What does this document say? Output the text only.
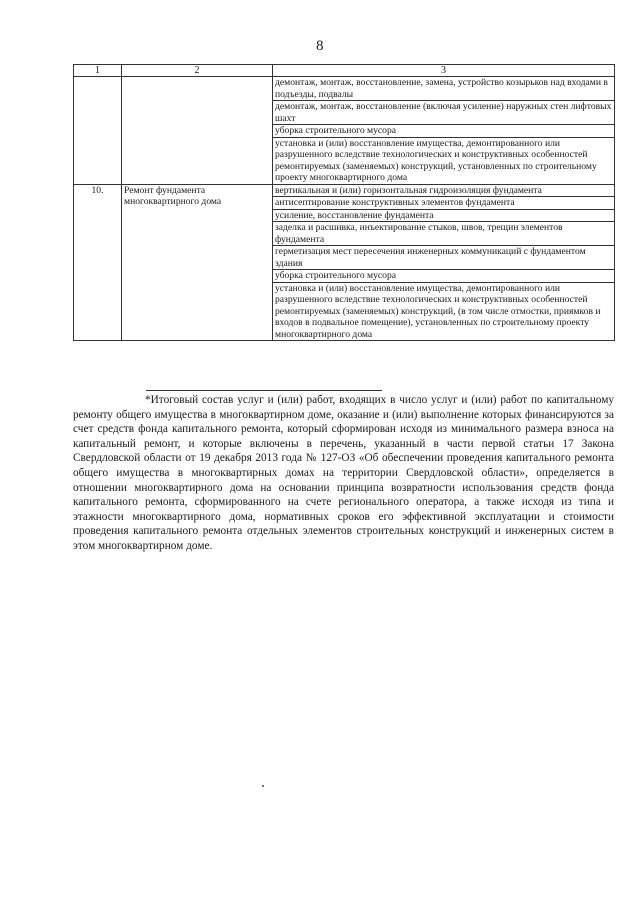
8
1	2	3
		демонтаж, монтаж, восстановление, замена, устройство козырьков над входами в подъезды, подвалы
		демонтаж, монтаж, восстановление (включая усиление) наружных стен лифтовых шахт
		уборка строительного мусора
		установка и (или) восстановление имущества, демонтированного или разрушенного вследствие технологических и конструктивных особенностей ремонтируемых (заменяемых) конструкций, установленных по строительному проекту многоквартирного дома
10.	Ремонт фундамента многоквартирного дома	вертикальная и (или) горизонтальная гидроизоляция фундамента
		антисептирование конструктивных элементов фундамента
		усиление, восстановление фундамента
		заделка и расшивка, инъектирование стыков, швов, трещин элементов фундамента
		герметизация мест пересечения инженерных коммуникаций с фундаментом здания
		уборка строительного мусора
		установка и (или) восстановление имущества, демонтированного или разрушенного вследствие технологических и конструктивных особенностей ремонтируемых (заменяемых) конструкций, (в том числе отмостки, приямков и входов в подвальное помещение), установленных по строительному проекту многоквартирного дома

*Итоговый состав услуг и (или) работ, входящих в число услуг и (или) работ по капитальному ремонту общего имущества в многоквартирном доме, оказание и (или) выполнение которых финансируются за счет средств фонда капитального ремонта, который сформирован исходя из минимального размера взноса на капитальный ремонт, и которые включены в перечень, указанный в части первой статьи 17 Закона Свердловской области от 19 декабря 2013 года № 127-ОЗ «Об обеспечении проведения капитального ремонта общего имущества в многоквартирных домах на территории Свердловской области», определяется в отношении многоквартирного дома на основании принципа возвратности использования средств фонда капитального ремонта, сформированного на счете регионального оператора, а также исходя из типа и этажности многоквартирного дома, нормативных сроков его эффективной эксплуатации и стоимости проведения капитального ремонта отдельных элементов строительных конструкций и инженерных систем в этом многоквартирном доме.
